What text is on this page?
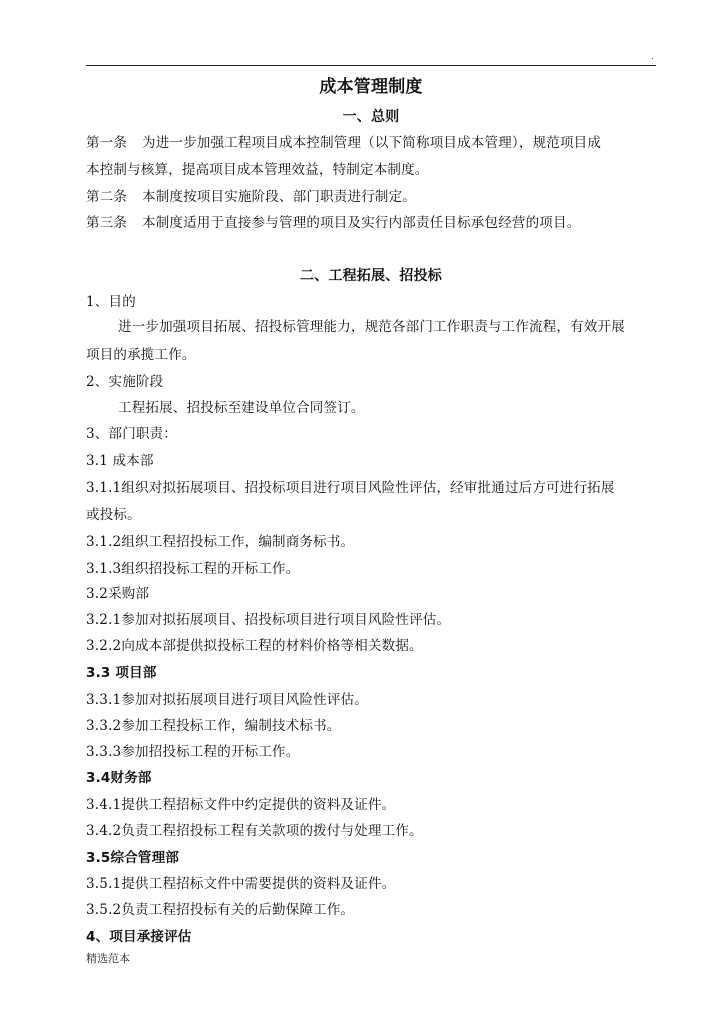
.
成本管理制度
一、总则
第一条 为进一步加强工程项目成本控制管理（以下简称项目成本管理），规范项目成
本控制与核算，提高项目成本管理效益，特制定本制度。
第二条 本制度按项目实施阶段、部门职责进行制定。
第三条 本制度适用于直接参与管理的项目及实行内部责任目标承包经营的项目。
二、工程拓展、招投标
1、目的
进一步加强项目拓展、招投标管理能力，规范各部门工作职责与工作流程，有效开展
项目的承揽工作。
2、实施阶段
工程拓展、招投标至建设单位合同签订。
3、部门职责：
3.1 成本部
3.1.1组织对拟拓展项目、招投标项目进行项目风险性评估，经审批通过后方可进行拓展
或投标。
3.1.2组织工程招投标工作，编制商务标书。
3.1.3组织招投标工程的开标工作。
3.2采购部
3.2.1参加对拟拓展项目、招投标项目进行项目风险性评估。
3.2.2向成本部提供拟投标工程的材料价格等相关数据。
3.3 项目部
3.3.1参加对拟拓展项目进行项目风险性评估。
3.3.2参加工程投标工作，编制技术标书。
3.3.3参加招投标工程的开标工作。
3.4财务部
3.4.1提供工程招标文件中约定提供的资料及证件。
3.4.2负责工程招投标工程有关款项的拨付与处理工作。
3.5综合管理部
3.5.1提供工程招标文件中需要提供的资料及证件。
3.5.2负责工程招投标有关的后勤保障工作。
4、项目承接评估
精选范本
